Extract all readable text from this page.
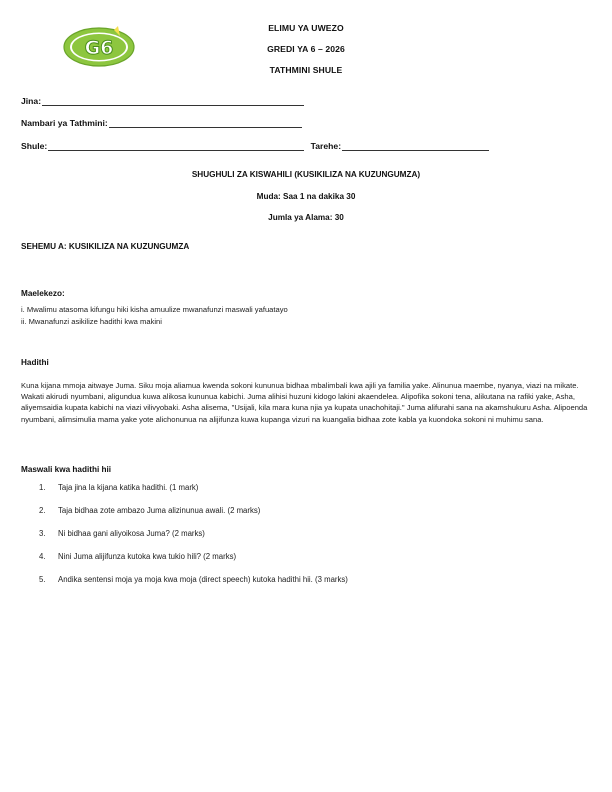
G6
ELIMU YA UWEZO
GREDI YA 6 – 2026
TATHMINI SHULE
Jina:
Nambari ya Tathmini:
Shule:	Tarehe:
SHUGHULI ZA KISWAHILI (KUSIKILIZA NA KUZUNGUMZA)
Muda: Saa 1 na dakika 30
Jumla ya Alama: 30
SEHEMU A: KUSIKILIZA NA KUZUNGUMZA
Maelekezo:
i. Mwalimu atasoma kifungu hiki kisha amuulize mwanafunzi maswali yafuatayo
ii. Mwanafunzi asikilize hadithi kwa makini
Hadithi
Kuna kijana mmoja aitwaye Juma. Siku moja aliamua kwenda sokoni kununua bidhaa mbalimbali kwa ajili ya familia yake. Alinunua maembe, nyanya, viazi na mikate. Wakati akirudi nyumbani, aligundua kuwa alikosa kununua kabichi. Juma alihisi huzuni kidogo lakini akaendelea. Alipofika sokoni tena, alikutana na rafiki yake, Asha, aliyemsaidia kupata kabichi na viazi vilivyobaki. Asha alisema, "Usijali, kila mara kuna njia ya kupata unachohitaji." Juma alifurahi sana na akamshukuru Asha. Alipoenda nyumbani, alimsimulia mama yake yote alichonunua na alijifunza kuwa kupanga vizuri na kuangalia bidhaa zote kabla ya kuondoka sokoni ni muhimu sana.
Maswali kwa hadithi hii
1.	Taja jina la kijana katika hadithi. (1 mark)
2.	Taja bidhaa zote ambazo Juma alizinunua awali. (2 marks)
3.	Ni bidhaa gani aliyoikosa Juma? (2 marks)
4.	Nini Juma alijifunza kutoka kwa tukio hili? (2 marks)
5.	Andika sentensi moja ya moja kwa moja (direct speech) kutoka hadithi hii. (3 marks)
